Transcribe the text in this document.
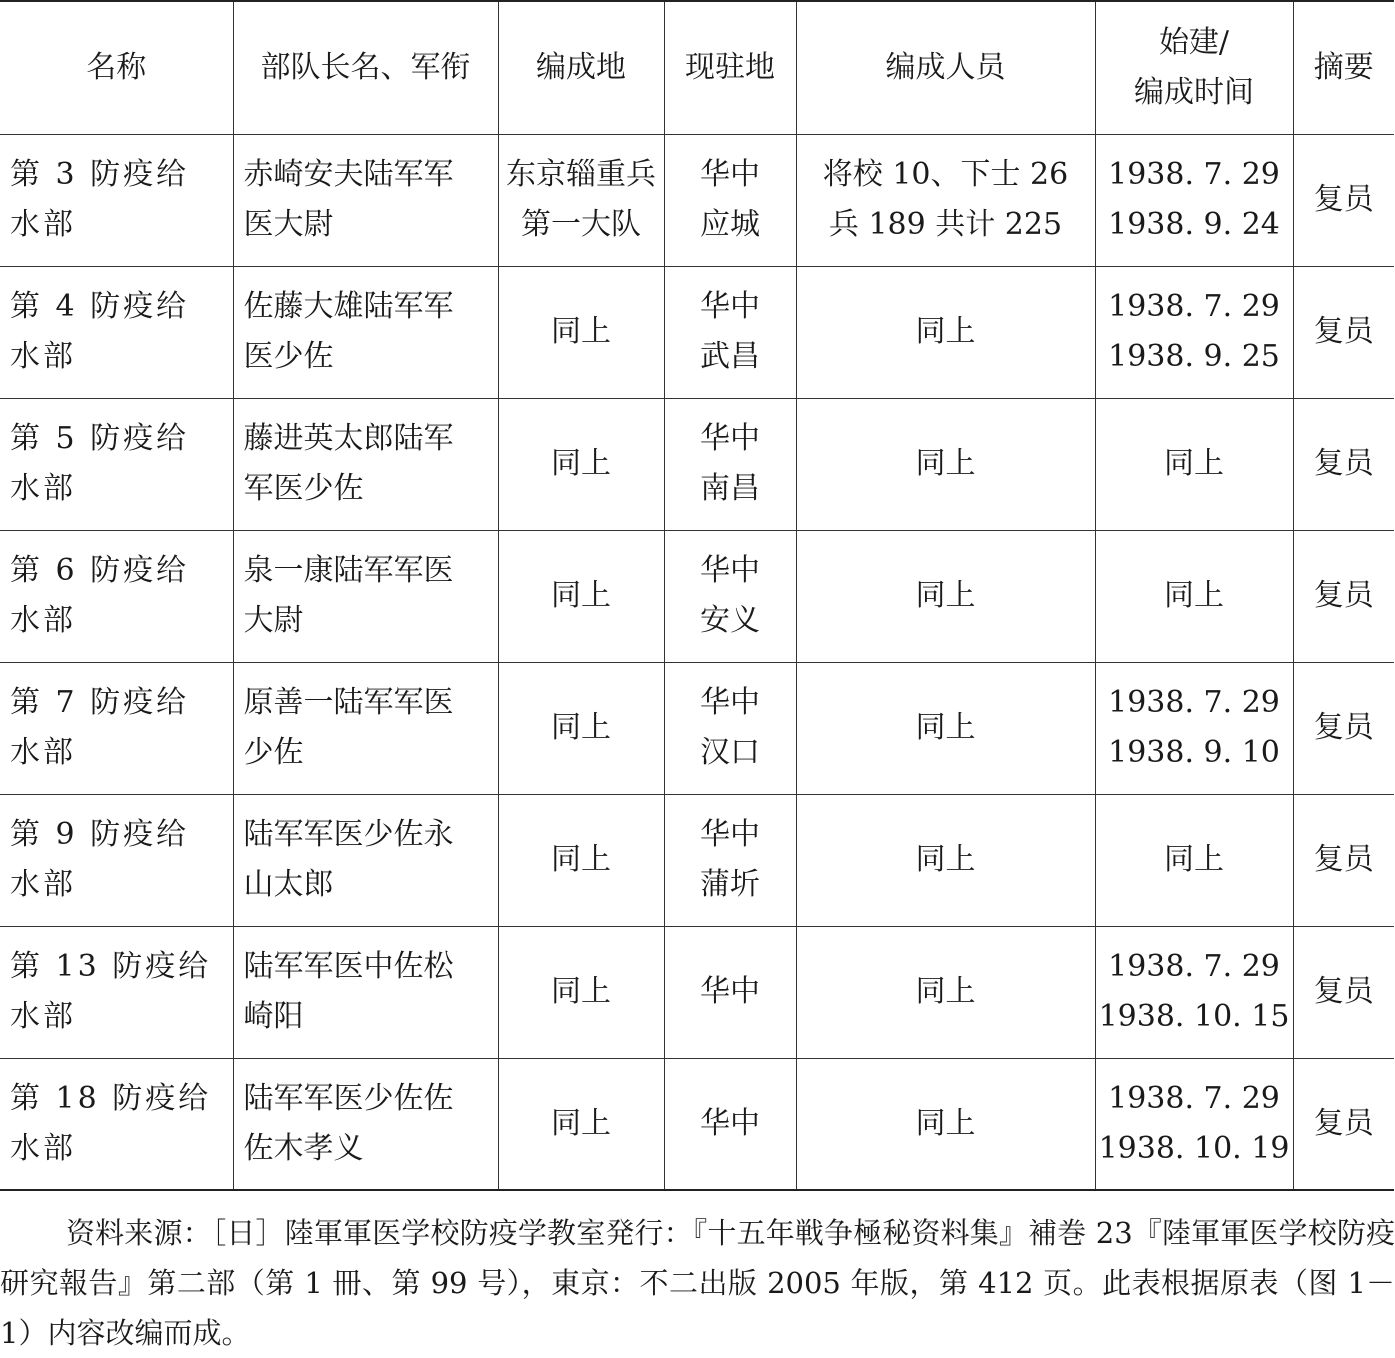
名称	部队长名、军衔	编成地	现驻地	编成人员	始建/
编成时间	摘要

第 3 防疫给
水部	赤崎安夫陆军军
医大尉	东京辎重兵
第一大队	华中
应城	将校 10、下士 26
兵 189 共计 225	1938. 7. 29
1938. 9. 24	复员

第 4 防疫给
水部	佐藤大雄陆军军
医少佐	同上	华中
武昌	同上	1938. 7. 29
1938. 9. 25	复员

第 5 防疫给
水部	藤进英太郎陆军
军医少佐	同上	华中
南昌	同上	同上	复员

第 6 防疫给
水部	泉一康陆军军医
大尉	同上	华中
安义	同上	同上	复员

第 7 防疫给
水部	原善一陆军军医
少佐	同上	华中
汉口	同上	1938. 7. 29
1938. 9. 10	复员

第 9 防疫给
水部	陆军军医少佐永
山太郎	同上	华中
蒲圻	同上	同上	复员

第 13 防疫给
水部	陆军军医中佐松
崎阳	同上	华中	同上	1938. 7. 29
1938. 10. 15	复员

第 18 防疫给
水部	陆军军医少佐佐
佐木孝义	同上	华中	同上	1938. 7. 29
1938. 10. 19	复员

资料来源：［日］陸軍軍医学校防疫学教室発行：『十五年戦争極秘资料集』補巻 23『陸軍軍医学校防疫研究報告』第二部（第 1 冊、第 99 号），東京：不二出版 2005 年版，第 412 页。此表根据原表（图 1－1）内容改编而成。
